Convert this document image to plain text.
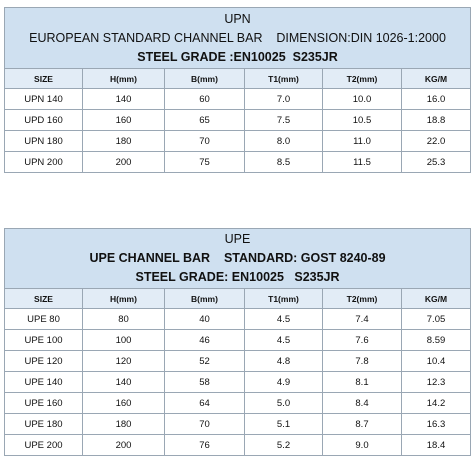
UPN
EUROPEAN STANDARD CHANNEL BAR    DIMENSION:DIN 1026-1:2000
STEEL GRADE :EN10025  S235JR					

SIZE	H(mm)	B(mm)	T1(mm)	T2(mm)	KG/M
UPN 140	140	60	7.0	10.0	16.0
UPD 160	160	65	7.5	10.5	18.8
UPN 180	180	70	8.0	11.0	22.0
UPN 200	200	75	8.5	11.5	25.3
UPE
UPE CHANNEL BAR    STANDARD: GOST 8240-89
STEEL GRADE: EN10025   S235JR					

SIZE	H(mm)	B(mm)	T1(mm)	T2(mm)	KG/M
UPE 80	80	40	4.5	7.4	7.05
UPE 100	100	46	4.5	7.6	8.59
UPE 120	120	52	4.8	7.8	10.4
UPE 140	140	58	4.9	8.1	12.3
UPE 160	160	64	5.0	8.4	14.2
UPE 180	180	70	5.1	8.7	16.3
UPE 200	200	76	5.2	9.0	18.4
